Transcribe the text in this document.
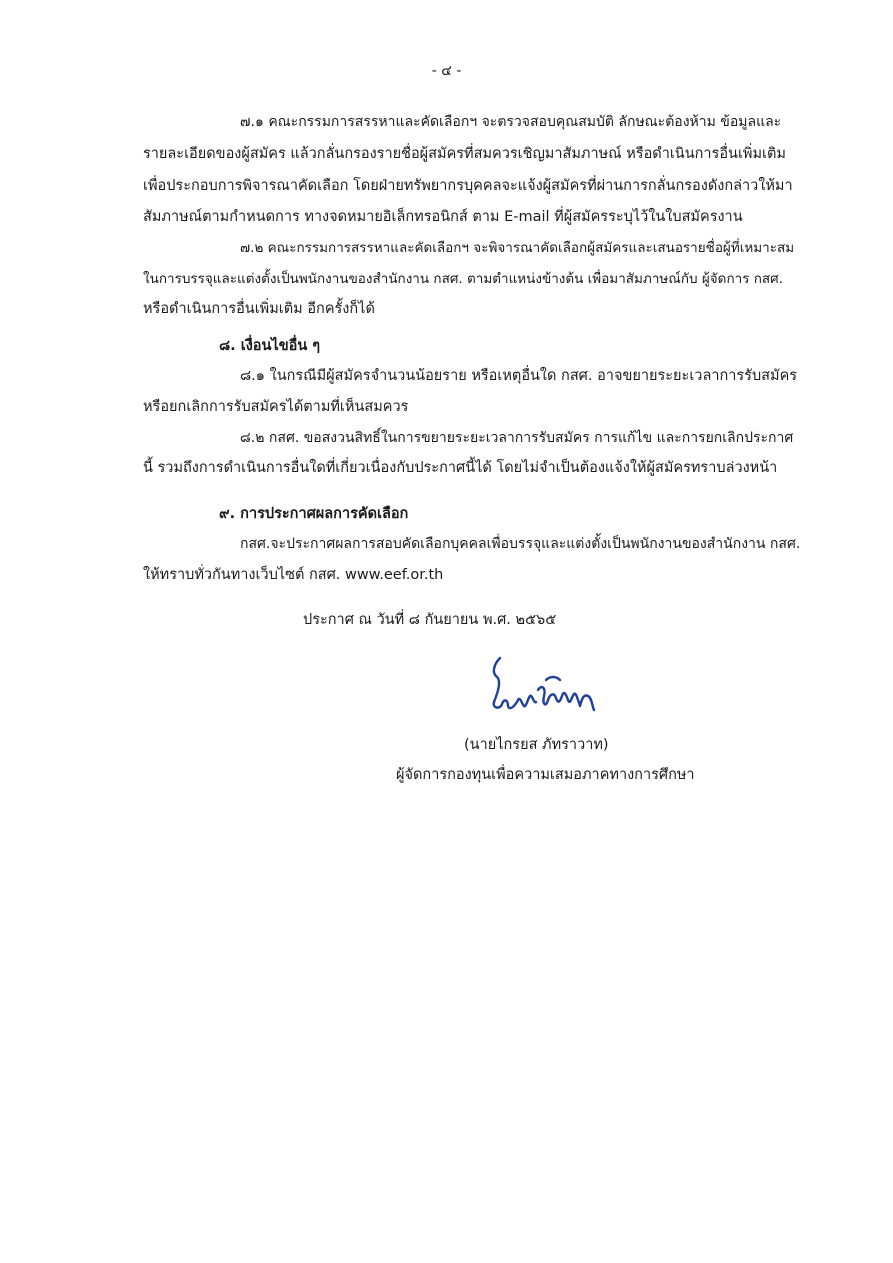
- ๔ -
๗.๑ คณะกรรมการสรรหาและคัดเลือกฯ จะตรวจสอบคุณสมบัติ ลักษณะต้องห้าม ข้อมูลและ
รายละเอียดของผู้สมัคร แล้วกลั่นกรองรายชื่อผู้สมัครที่สมควรเชิญมาสัมภาษณ์ หรือดำเนินการอื่นเพิ่มเติม
เพื่อประกอบการพิจารณาคัดเลือก โดยฝ่ายทรัพยากรบุคคลจะแจ้งผู้สมัครที่ผ่านการกลั่นกรองดังกล่าวให้มา
สัมภาษณ์ตามกำหนดการ ทางจดหมายอิเล็กทรอนิกส์ ตาม E-mail ที่ผู้สมัครระบุไว้ในใบสมัครงาน
๗.๒ คณะกรรมการสรรหาและคัดเลือกฯ จะพิจารณาคัดเลือกผู้สมัครและเสนอรายชื่อผู้ที่เหมาะสม
ในการบรรจุและแต่งตั้งเป็นพนักงานของสำนักงาน กสศ. ตามตำแหน่งข้างต้น เพื่อมาสัมภาษณ์กับ ผู้จัดการ กสศ.
หรือดำเนินการอื่นเพิ่มเติม อีกครั้งก็ได้
๘. เงื่อนไขอื่น ๆ
๘.๑ ในกรณีมีผู้สมัครจำนวนน้อยราย หรือเหตุอื่นใด กสศ. อาจขยายระยะเวลาการรับสมัคร
หรือยกเลิกการรับสมัครได้ตามที่เห็นสมควร
๘.๒ กสศ. ขอสงวนสิทธิ์ในการขยายระยะเวลาการรับสมัคร การแก้ไข และการยกเลิกประกาศ
นี้ รวมถึงการดำเนินการอื่นใดที่เกี่ยวเนื่องกับประกาศนี้ได้ โดยไม่จำเป็นต้องแจ้งให้ผู้สมัครทราบล่วงหน้า
๙. การประกาศผลการคัดเลือก
กสศ.จะประกาศผลการสอบคัดเลือกบุคคลเพื่อบรรจุและแต่งตั้งเป็นพนักงานของสำนักงาน กสศ.
ให้ทราบทั่วกันทางเว็บไซต์ กสศ. www.eef.or.th
ประกาศ ณ วันที่ ๘ กันยายน พ.ศ. ๒๕๖๕
(นายไกรยส ภัทราวาท)
ผู้จัดการกองทุนเพื่อความเสมอภาคทางการศึกษา
